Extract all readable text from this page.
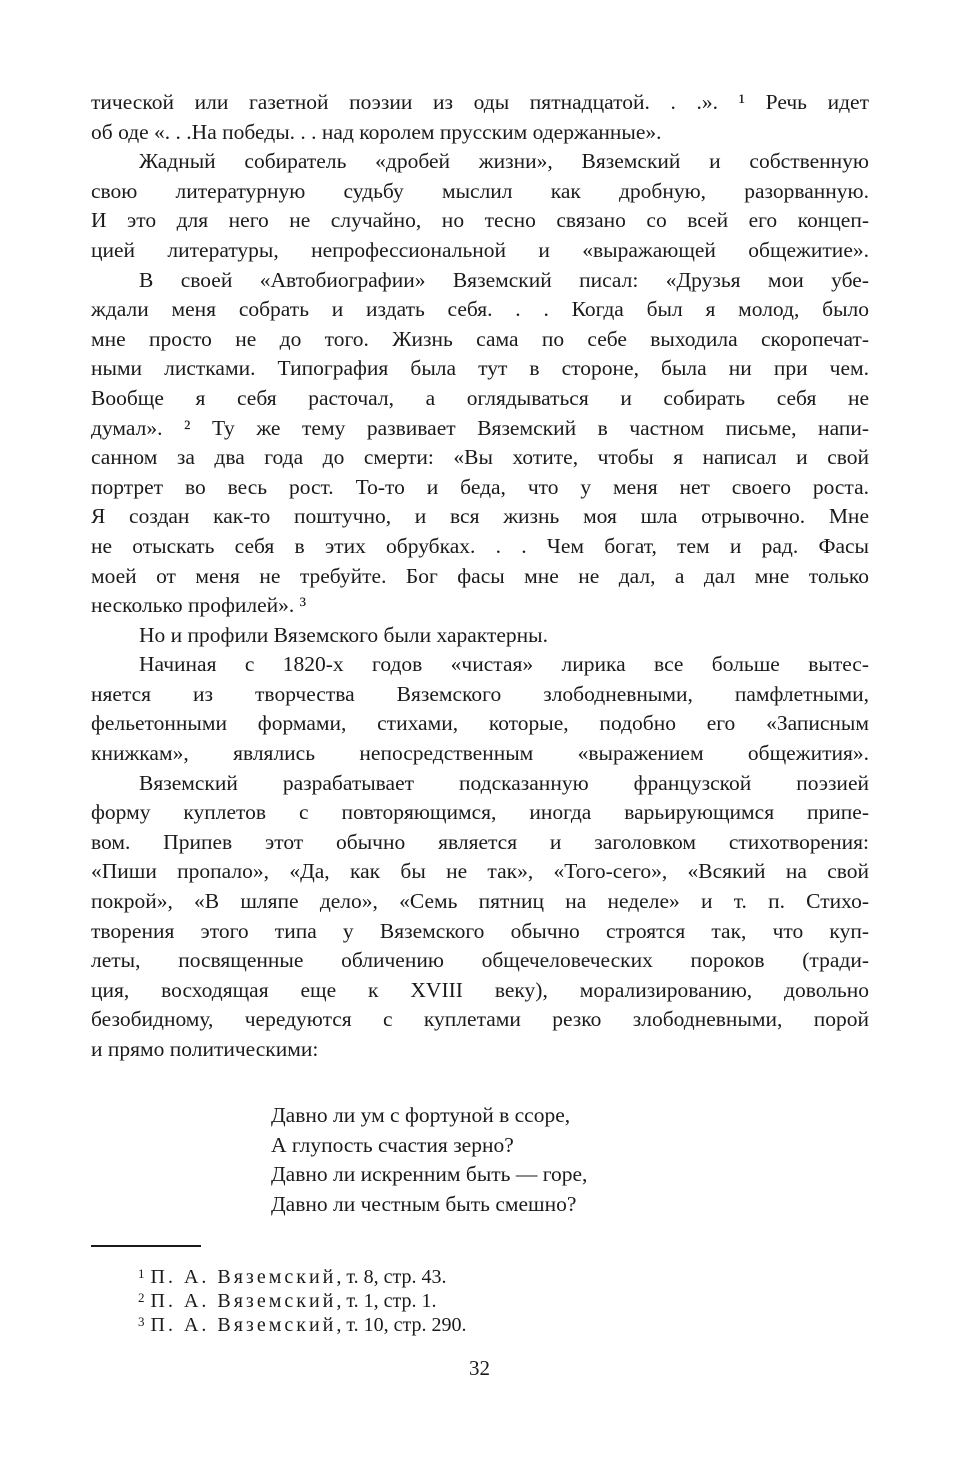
тической или газетной поэзии из оды пятнадцатой. . .». ¹ Речь идет

об оде «. . .На победы. . . над королем прусским одержанные».

Жадный собиратель «дробей жизни», Вяземский и собственную

свою литературную судьбу мыслил как дробную, разорванную.

И это для него не случайно, но тесно связано со всей его концеп-

цией литературы, непрофессиональной и «выражающей общежитие».

В своей «Автобиографии» Вяземский писал: «Друзья мои убе-

ждали меня собрать и издать себя. . . Когда был я молод, было

мне просто не до того. Жизнь сама по себе выходила скоропечат-

ными листками. Типография была тут в стороне, была ни при чем.

Вообще я себя расточал, а оглядываться и собирать себя не

думал». ² Ту же тему развивает Вяземский в частном письме, напи-

санном за два года до смерти: «Вы хотите, чтобы я написал и свой

портрет во весь рост. То-то и беда, что у меня нет своего роста.

Я создан как-то поштучно, и вся жизнь моя шла отрывочно. Мне

не отыскать себя в этих обрубках. . . Чем богат, тем и рад. Фасы

моей от меня не требуйте. Бог фасы мне не дал, а дал мне только

несколько профилей». ³

Но и профили Вяземского были характерны.

Начиная с 1820-х годов «чистая» лирика все больше вытес-

няется из творчества Вяземского злободневными, памфлетными,

фельетонными формами, стихами, которые, подобно его «Записным

книжкам», являлись непосредственным «выражением общежития».

Вяземский разрабатывает подсказанную французской поэзией

форму куплетов с повторяющимся, иногда варьирующимся припе-

вом. Припев этот обычно является и заголовком стихотворения:

«Пиши пропало», «Да, как бы не так», «Того-сего», «Всякий на свой

покрой», «В шляпе дело», «Семь пятниц на неделе» и т. п. Стихо-

творения этого типа у Вяземского обычно строятся так, что куп-

леты, посвященные обличению общечеловеческих пороков (тради-

ция, восходящая еще к XVIII веку), морализированию, довольно

безобидному, чередуются с куплетами резко злободневными, порой

и прямо политическими:

Давно ли ум с фортуной в ссоре,

А глупость счастия зерно?

Давно ли искренним быть — горе,

Давно ли честным быть смешно?

$^1$ П. А. Вяземский, т. 8, стр. 43.
$^2$ П. А. Вяземский, т. 1, стр. 1.
$^3$ П. А. Вяземский, т. 10, стр. 290.
32
